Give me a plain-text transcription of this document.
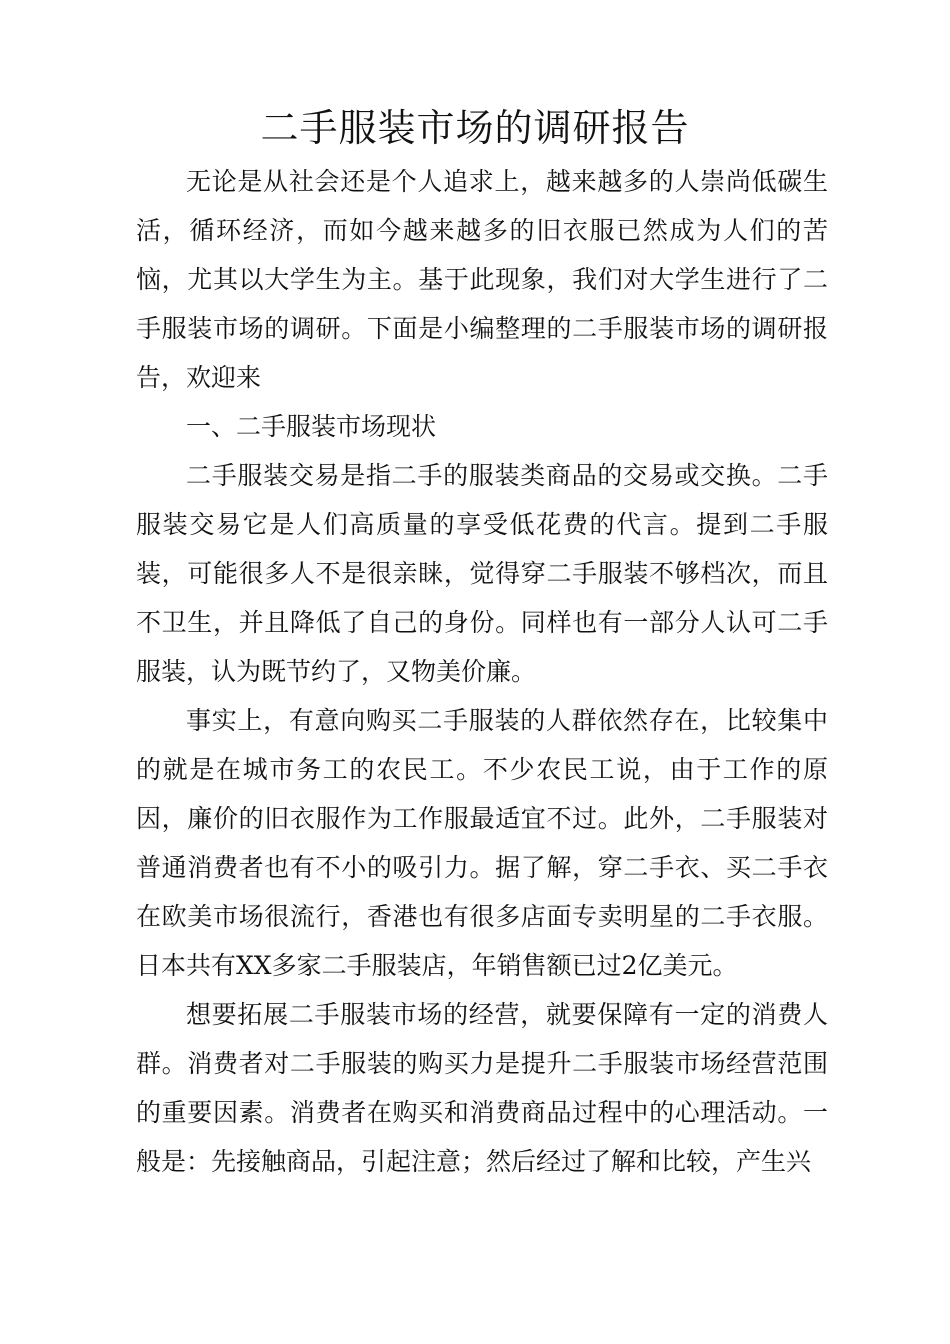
二手服装市场的调研报告

无论是从社会还是个人追求上，越来越多的人崇尚低碳生活，循环经济，而如今越来越多的旧衣服已然成为人们的苦恼，尤其以大学生为主。基于此现象，我们对大学生进行了二手服装市场的调研。下面是小编整理的二手服装市场的调研报告，欢迎来

一、二手服装市场现状

二手服装交易是指二手的服装类商品的交易或交换。二手服装交易它是人们高质量的享受低花费的代言。提到二手服装，可能很多人不是很亲睐，觉得穿二手服装不够档次，而且不卫生，并且降低了自己的身份。同样也有一部分人认可二手服装，认为既节约了，又物美价廉。

事实上，有意向购买二手服装的人群依然存在，比较集中的就是在城市务工的农民工。不少农民工说，由于工作的原因，廉价的旧衣服作为工作服最适宜不过。此外，二手服装对普通消费者也有不小的吸引力。据了解，穿二手衣、买二手衣在欧美市场很流行，香港也有很多店面专卖明星的二手衣服。日本共有XX多家二手服装店，年销售额已过2亿美元。

想要拓展二手服装市场的经营，就要保障有一定的消费人群。消费者对二手服装的购买力是提升二手服装市场经营范围的重要因素。消费者在购买和消费商品过程中的心理活动。一般是：先接触商品，引起注意；然后经过了解和比较，产生兴
